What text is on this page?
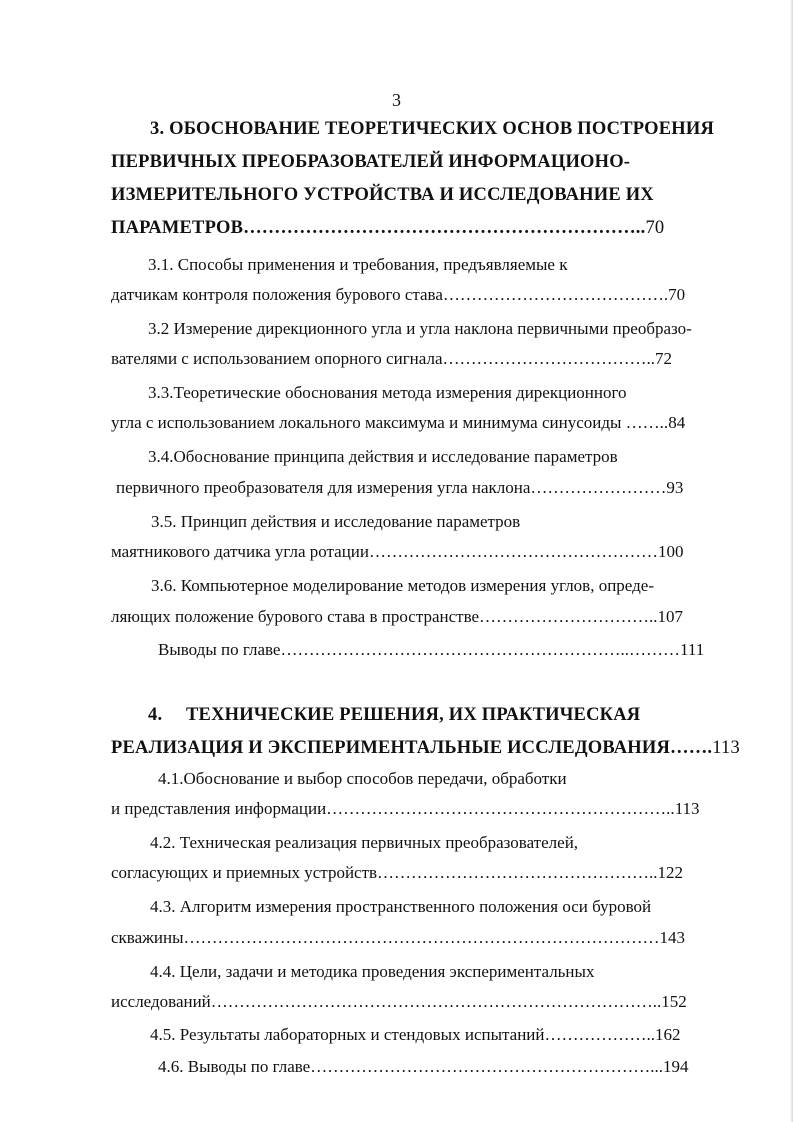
3
3. ОБОСНОВАНИЕ ТЕОРЕТИЧЕСКИХ ОСНОВ ПОСТРОЕНИЯ
ПЕРВИЧНЫХ ПРЕОБРАЗОВАТЕЛЕЙ ИНФОРМАЦИОНО-
ИЗМЕРИТЕЛЬНОГО УСТРОЙСТВА И ИССЛЕДОВАНИЕ ИХ
ПАРАМЕТРОВ………………………………………………………..70
3.1. Способы применения и требования, предъявляемые к
датчикам контроля положения бурового става………………………………….70
3.2 Измерение дирекционного угла и угла наклона первичными преобразо-
вателями с использованием опорного сигнала………………………………..72
3.3.Теоретические обоснования метода измерения дирекционного
угла с использованием локального максимума и минимума синусоиды ……..84
3.4.Обоснование принципа действия и исследование параметров
первичного преобразователя для измерения угла наклона……………………93
3.5. Принцип действия и исследование параметров
маятникового датчика угла ротации……………………………………………100
3.6. Компьютерное моделирование методов измерения углов, опреде-
ляющих положение бурового става в пространстве…………………………..107
Выводы по главе……………………………………………………..………111
4. ТЕХНИЧЕСКИЕ РЕШЕНИЯ, ИХ ПРАКТИЧЕСКАЯ
РЕАЛИЗАЦИЯ И ЭКСПЕРИМЕНТАЛЬНЫЕ ИССЛЕДОВАНИЯ…….113
4.1.Обоснование и выбор способов передачи, обработки
и представления информации……………………………………………………..113
4.2. Техническая реализация первичных преобразователей,
согласующих и приемных устройств…………………………………………..122
4.3. Алгоритм измерения пространственного положения оси буровой
скважины…………………………………………………………………………143
4.4. Цели, задачи и методика проведения экспериментальных
исследований……………………………………………………………………..152
4.5. Результаты лабораторных и стендовых испытаний………………..162
4.6. Выводы по главе……………………………………………………...194
